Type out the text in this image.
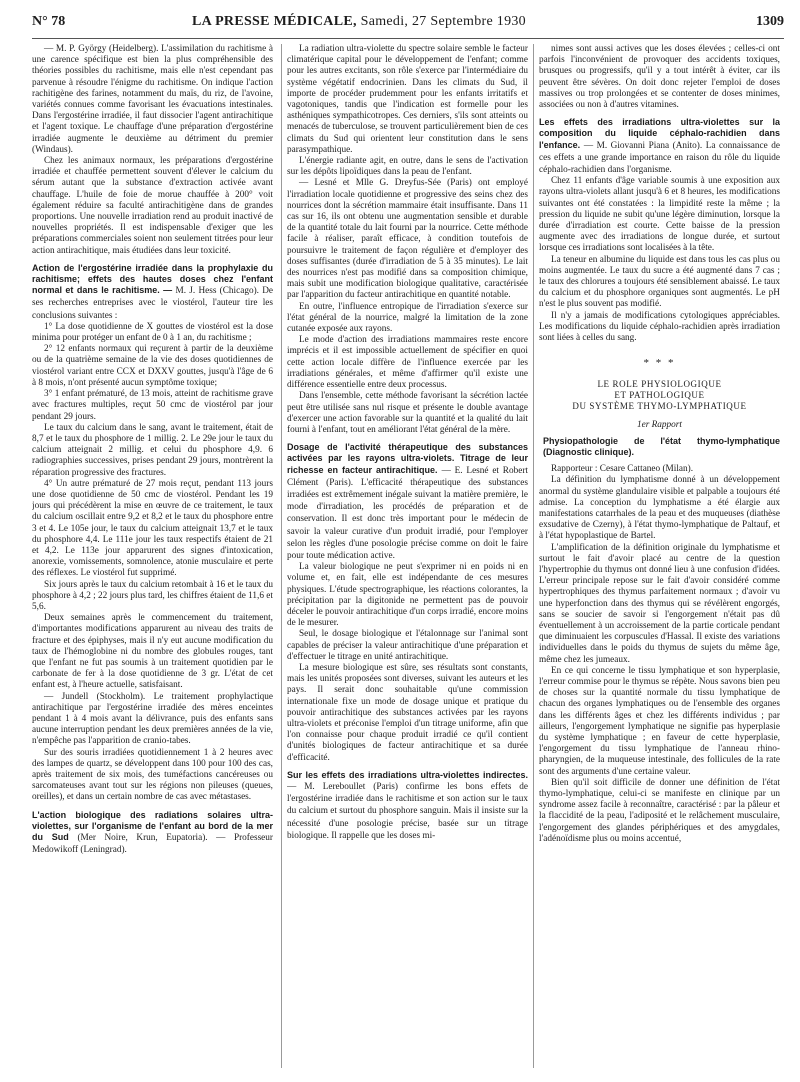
N° 78	LA PRESSE MÉDICALE, Samedi, 27 Septembre 1930	1309

— M. P. György (Heidelberg). L'assimilation du rachitisme à une carence spécifique est bien la plus compréhensible des théories possibles du rachitisme, mais elle n'est cependant pas parvenue à résoudre l'énigme du rachitisme. On indique l'action rachitigène des farines, notamment du maïs, du riz, de l'avoine, variétés connues comme favorisant les évacuations intestinales. Dans l'ergostérine irradiée, il faut dissocier l'agent antirachitique et l'agent toxique. Le chauffage d'une préparation d'ergostérine irradiée augmente le deuxième au détriment du premier (Windaus).

Chez les animaux normaux, les préparations d'ergostérine irradiée et chauffée permettent souvent d'élever le calcium du sérum autant que la substance d'extraction activée avant chauffage. L'huile de foie de morue chauffée à 200° voit également réduire sa faculté antirachitigène dans de grandes proportions. Une nouvelle irradiation rend au produit inactivé de nouvelles propriétés. Il est indispensable d'exiger que les préparations commerciales soient non seulement titrées pour leur action antirachitique, mais étudiées dans leur toxicité.

Action de l'ergostérine irradiée dans la prophylaxie du rachitisme; effets des hautes doses chez l'enfant normal et dans le rachitisme. — M. J. Hess (Chicago). De ses recherches entreprises avec le viostérol, l'auteur tire les conclusions suivantes :

1° La dose quotidienne de X gouttes de viostérol est la dose minima pour protéger un enfant de 0 à 1 an, du rachitisme ;

2° 12 enfants normaux qui reçurent à partir de la deuxième ou de la quatrième semaine de la vie des doses quotidiennes de viostérol variant entre CCX et DXXV gouttes, jusqu'à l'âge de 6 à 8 mois, n'ont présenté aucun symptôme toxique;

3° 1 enfant prématuré, de 13 mois, atteint de rachitisme grave avec fractures multiples, reçut 50 cmc de viostérol par jour pendant 29 jours.

Le taux du calcium dans le sang, avant le traitement, était de 8,7 et le taux du phosphore de 1 millig. 2. Le 29e jour le taux du calcium atteignait 2 millig. et celui du phosphore 4,9. 6 radiographies successives, prises pendant 29 jours, montrèrent la réparation progressive des fractures.

4° Un autre prématuré de 27 mois reçut, pendant 113 jours une dose quotidienne de 50 cmc de viostérol. Pendant les 19 jours qui précédèrent la mise en œuvre de ce traitement, le taux du calcium oscillait entre 9,2 et 8,2 et le taux du phosphore entre 3 et 4. Le 105e jour, le taux du calcium atteignait 13,7 et le taux du phosphore 4,4. Le 111e jour les taux respectifs étaient de 21 et 4,2. Le 113e jour apparurent des signes d'intoxication, anorexie, vomissements, somnolence, atonie musculaire et perte des réflexes. Le viostérol fut supprimé.

Six jours après le taux du calcium retombait à 16 et le taux du phosphore à 4,2 ; 22 jours plus tard, les chiffres étaient de 11,6 et 5,6.

Deux semaines après le commencement du traitement, d'importantes modifications apparurent au niveau des traits de fracture et des épiphyses, mais il n'y eut aucune modification du taux de l'hémoglobine ni du nombre des globules rouges, tant que l'enfant ne fut pas soumis à un traitement quotidien par le carbonate de fer à la dose quotidienne de 3 gr. L'état de cet enfant est, à l'heure actuelle, satisfaisant.

— Jundell (Stockholm). Le traitement prophylactique antirachitique par l'ergostérine irradiée des mères enceintes pendant 1 à 4 mois avant la délivrance, puis des enfants sans aucune interruption pendant les deux premières années de la vie, n'empêche pas l'apparition de cranio-tabes.

Sur des souris irradiées quotidiennement 1 à 2 heures avec des lampes de quartz, se développent dans 100 pour 100 des cas, après traitement de six mois, des tuméfactions cancéreuses ou sarcomateuses avant tout sur les régions non pileuses (queues, oreilles), et dans un certain nombre de cas avec métastases.

L'action biologique des radiations solaires ultra-violettes, sur l'organisme de l'enfant au bord de la mer du Sud (Mer Noire, Krun, Eupatoria). — Professeur Medowikoff (Leningrad).

La radiation ultra-violette du spectre solaire semble le facteur climatérique capital pour le développement de l'enfant; comme pour les autres excitants, son rôle s'exerce par l'intermédiaire du système végétatif endocrinien. Dans les climats du Sud, il importe de procéder prudemment pour les enfants irritatifs et vagotoniques, tandis que l'indication est formelle pour les asthéniques sympathicotropes. Ces derniers, s'ils sont atteints ou menacés de tuberculose, se trouvent particulièrement bien de ces climats du Sud qui orientent leur constitution dans le sens parasympathique.

L'énergie radiante agit, en outre, dans le sens de l'activation sur les dépôts lipoïdiques dans la peau de l'enfant.

— Lesné et Mlle G. Dreyfus-Sée (Paris) ont employé l'irradiation locale quotidienne et progressive des seins chez des nourrices dont la sécrétion mammaire était insuffisante. Dans 11 cas sur 16, ils ont obtenu une augmentation sensible et durable de la quantité totale du lait fourni par la nourrice. Cette méthode facile à réaliser, paraît efficace, à condition toutefois de poursuivre le traitement de façon régulière et d'employer des doses suffisantes (durée d'irradiation de 5 à 35 minutes). Le lait des nourrices n'est pas modifié dans sa composition chimique, mais subit une modification biologique qualitative, caractérisée par l'apparition du facteur antirachitique en quantité notable.

En outre, l'influence entropique de l'irradiation s'exerce sur l'état général de la nourrice, malgré la limitation de la zone cutanée exposée aux rayons.

Le mode d'action des irradiations mammaires reste encore imprécis et il est impossible actuellement de spécifier en quoi cette action locale diffère de l'influence exercée par les irradiations générales, et même d'affirmer qu'il existe une différence essentielle entre deux processus.

Dans l'ensemble, cette méthode favorisant la sécrétion lactée peut être utilisée sans nul risque et présente le double avantage d'exercer une action favorable sur la quantité et la qualité du lait fourni à l'enfant, tout en améliorant l'état général de la mère.

Dosage de l'activité thérapeutique des substances activées par les rayons ultra-violets. Titrage de leur richesse en facteur antirachitique. — E. Lesné et Robert Clément (Paris). L'efficacité thérapeutique des substances irradiées est extrêmement inégale suivant la matière première, le mode d'irradiation, les procédés de préparation et de conservation. Il est donc très important pour le médecin de savoir la valeur curative d'un produit irradié, pour l'employer selon les règles d'une posologie précise comme on doit le faire pour toute médication active.

La valeur biologique ne peut s'exprimer ni en poids ni en volume et, en fait, elle est indépendante de ces mesures physiques. L'étude spectrographique, les réactions colorantes, la précipitation par la digitonide ne permettent pas de pouvoir déceler le pouvoir antirachitique d'un corps irradié, encore moins de le mesurer.

Seul, le dosage biologique et l'étalonnage sur l'animal sont capables de préciser la valeur antirachitique d'une préparation et d'effectuer le titrage en unité antirachitique.

La mesure biologique est sûre, ses résultats sont constants, mais les unités proposées sont diverses, suivant les auteurs et les pays. Il serait donc souhaitable qu'une commission internationale fixe un mode de dosage unique et pratique du pouvoir antirachitique des substances activées par les rayons ultra-violets et préconise l'emploi d'un titrage uniforme, afin que l'on connaisse pour chaque produit irradié ce qu'il contient d'unités biologiques de facteur antirachitique et sa durée d'efficacité.

Sur les effets des irradiations ultra-violettes indirectes. — M. Lereboullet (Paris) confirme les bons effets de l'ergostérine irradiée dans le rachitisme et son action sur le taux du calcium et surtout du phosphore sanguin. Mais il insiste sur la nécessité d'une posologie précise, basée sur un titrage biologique. Il rappelle que les doses mi-

nimes sont aussi actives que les doses élevées ; celles-ci ont parfois l'inconvénient de provoquer des accidents toxiques, brusques ou progressifs, qu'il y a tout intérêt à éviter, car ils peuvent être sévères. On doit donc rejeter l'emploi de doses massives ou trop prolongées et se contenter de doses minimes, associées ou non à d'autres vitamines.

Les effets des irradiations ultra-violettes sur la composition du liquide céphalo-rachidien dans l'enfance. — M. Giovanni Piana (Anito). La connaissance de ces effets a une grande importance en raison du rôle du liquide céphalo-rachidien dans l'organisme.

Chez 11 enfants d'âge variable soumis à une exposition aux rayons ultra-violets allant jusqu'à 6 et 8 heures, les modifications suivantes ont été constatées : la limpidité reste la même ; la pression du liquide ne subit qu'une légère diminution, lorsque la durée d'irradiation est courte. Cette baisse de la pression augmente avec des irradiations de longue durée, et surtout lorsque ces irradiations sont localisées à la tête.

La teneur en albumine du liquide est dans tous les cas plus ou moins augmentée. Le taux du sucre a été augmenté dans 7 cas ; le taux des chlorures a toujours été sensiblement abaissé. Le taux du calcium et du phosphore organiques sont augmentés. Le pH n'est le plus souvent pas modifié.

Il n'y a jamais de modifications cytologiques appréciables. Les modifications du liquide céphalo-rachidien après irradiation sont liées à celles du sang.

* * *
LE ROLE PHYSIOLOGIQUE
ET PATHOLOGIQUE
DU SYSTÈME THYMO-LYMPHATIQUE
1er Rapport

Physiopathologie de l'état thymo-lymphatique (Diagnostic clinique).

Rapporteur : Cesare Cattaneo (Milan).

La définition du lymphatisme donné à un développement anormal du système glandulaire visible et palpable a toujours été admise. La conception du lymphatisme a été élargie aux manifestations catarrhales de la peau et des muqueuses (diathèse exsudative de Czerny), à l'état thymo-lymphatique de Paltauf, et à l'état hypoplastique de Bartel.

L'amplification de la définition originale du lymphatisme et surtout le fait d'avoir placé au centre de la question l'hypertrophie du thymus ont donné lieu à une confusion d'idées. L'erreur principale repose sur le fait d'avoir considéré comme hypertrophiques des thymus parfaitement normaux ; d'avoir vu une hyperfonction dans des thymus qui se révélèrent engorgés, sans se soucier de savoir si l'engorgement n'était pas dû éventuellement à un accroissement de la partie corticale pendant que diminuaient les corpuscules d'Hassal. Il existe des variations individuelles dans le poids du thymus de sujets du même âge, même chez les jumeaux.

En ce qui concerne le tissu lymphatique et son hyperplasie, l'erreur commise pour le thymus se répète. Nous savons bien peu de choses sur la quantité normale du tissu lymphatique de chacun des organes lymphatiques ou de l'ensemble des organes dans les différents âges et chez les différents individus ; par ailleurs, l'engorgement lymphatique ne signifie pas hyperplasie du système lymphatique ; en faveur de cette hyperplasie, l'engorgement du tissu lymphatique de l'anneau rhino-pharyngien, de la muqueuse intestinale, des follicules de la rate sont des arguments d'une certaine valeur.

Bien qu'il soit difficile de donner une définition de l'état thymo-lymphatique, celui-ci se manifeste en clinique par un syndrome assez facile à reconnaître, caractérisé : par la pâleur et la flaccidité de la peau, l'adiposité et le relâchement musculaire, l'engorgement des glandes périphériques et des amygdales, l'adénoïdisme plus ou moins accentué,
